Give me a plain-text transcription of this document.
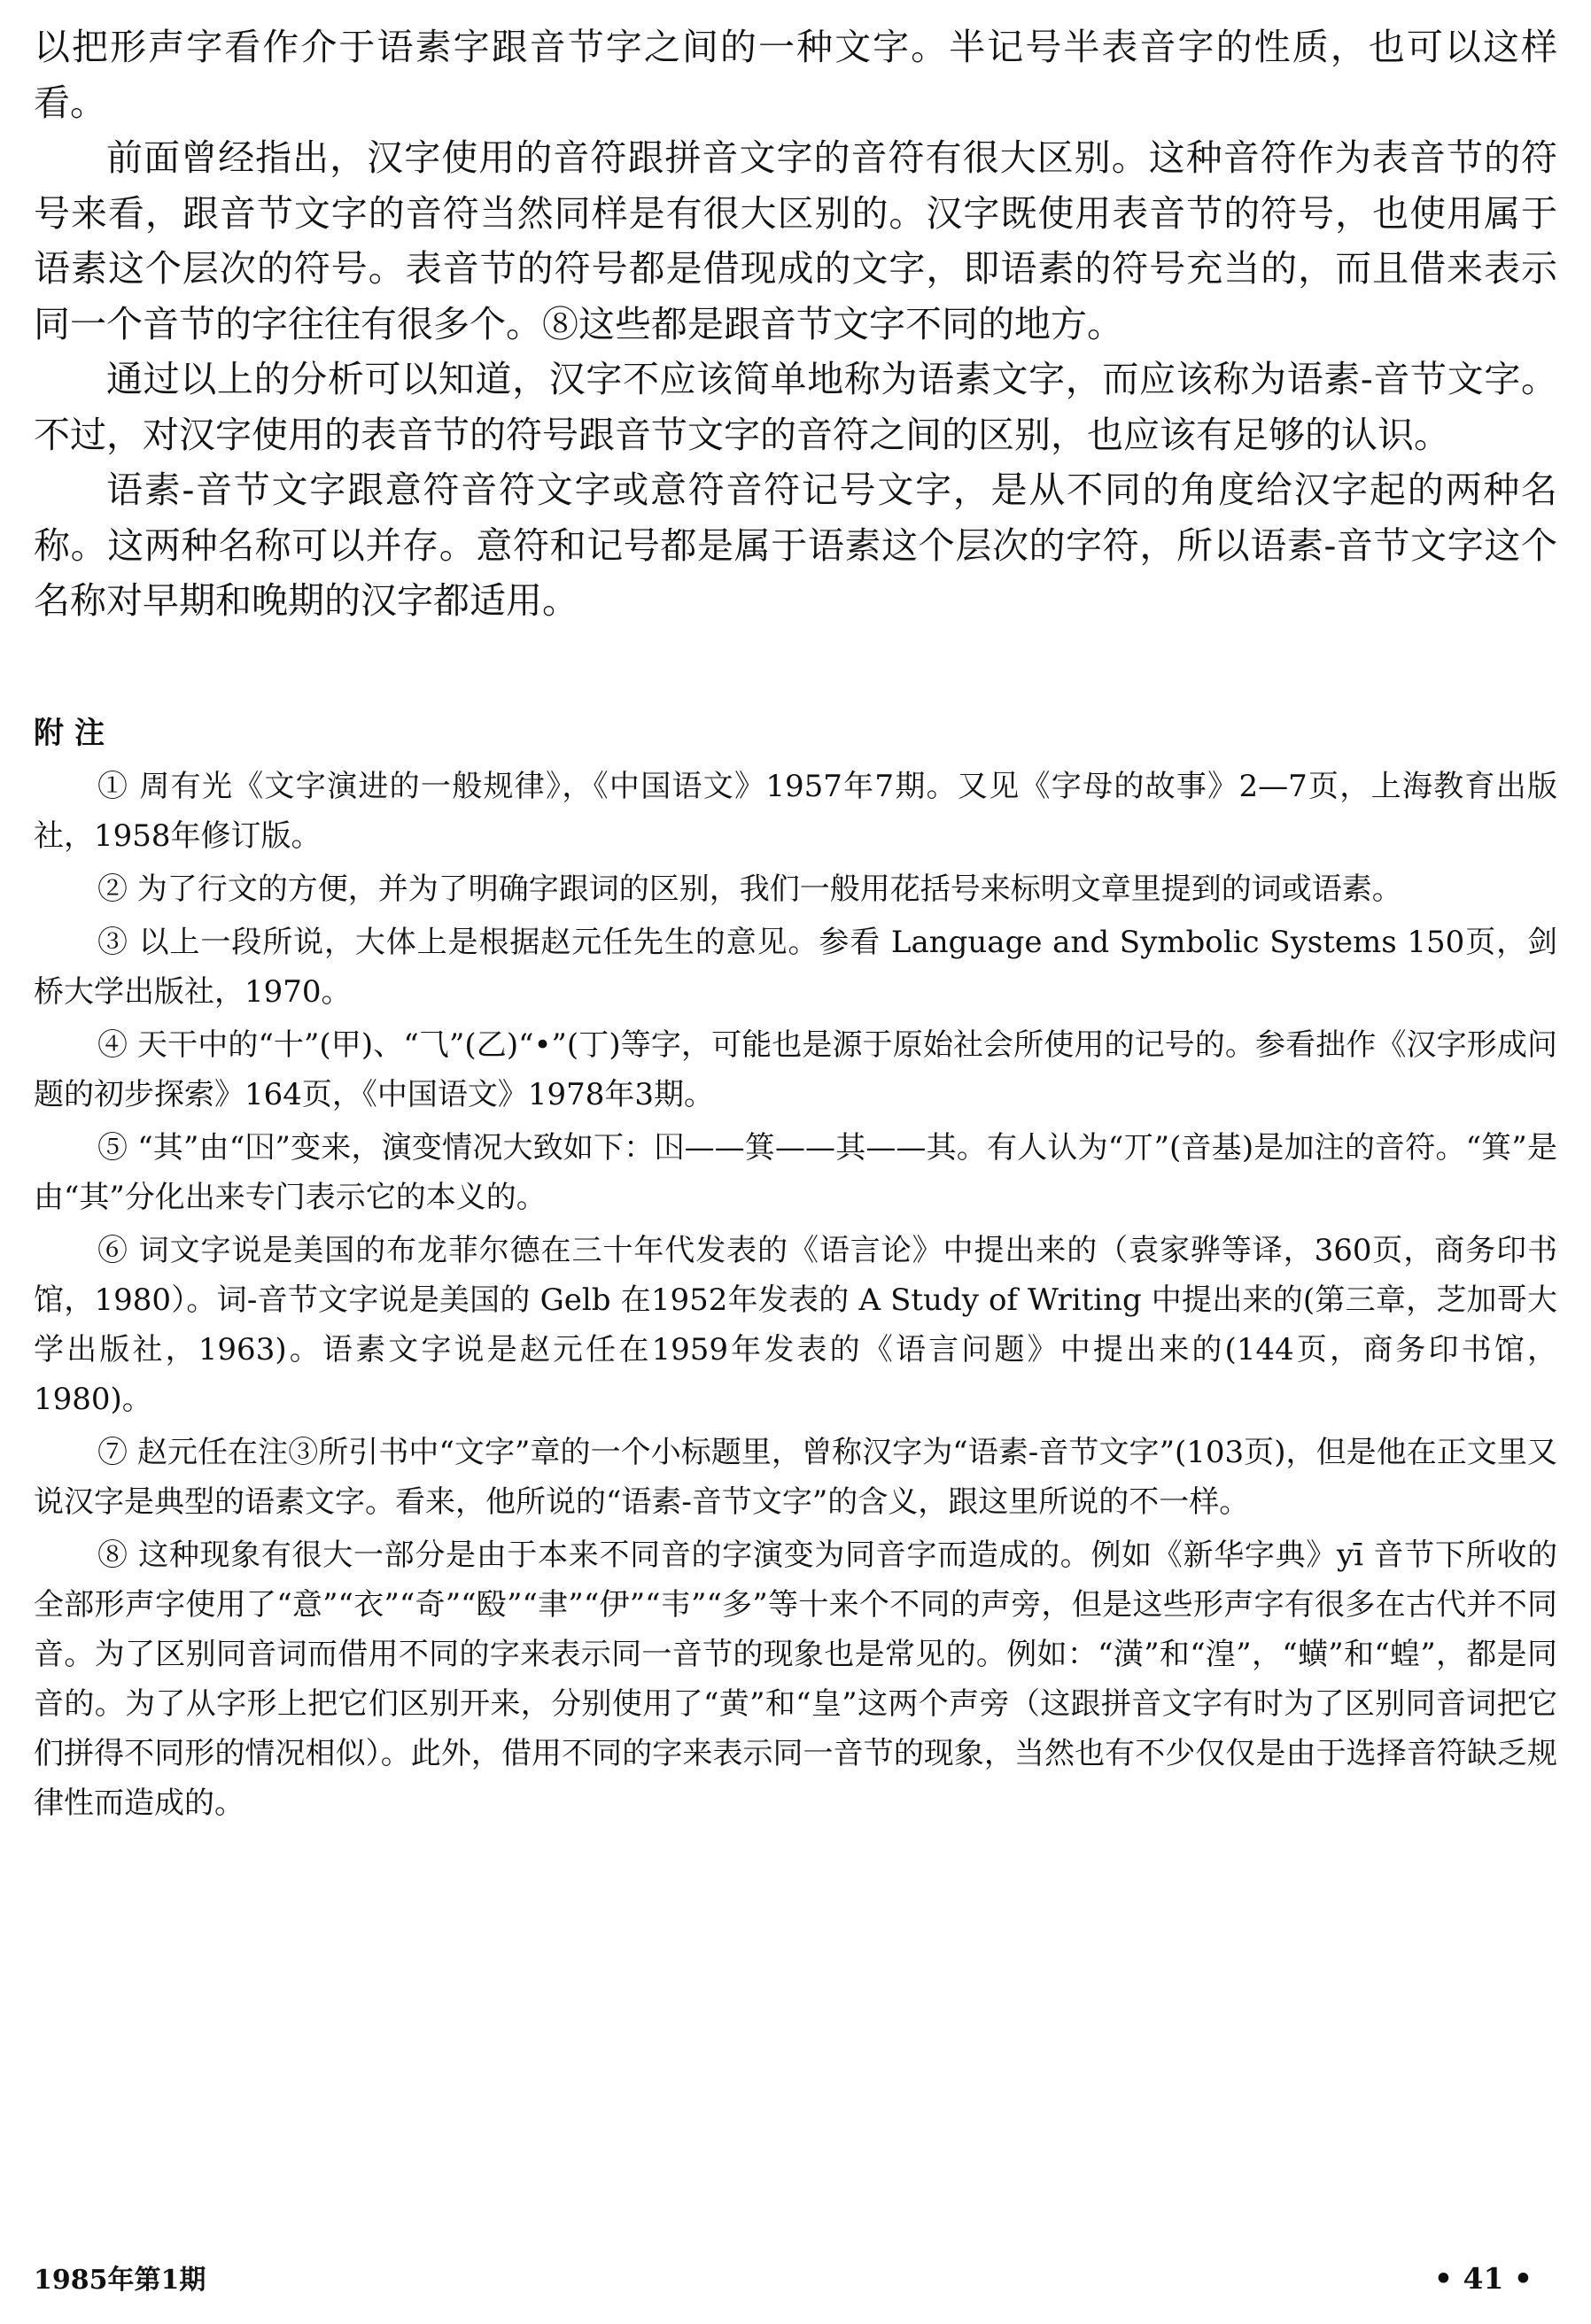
以把形声字看作介于语素字跟音节字之间的一种文字。半记号半表音字的性质，也可以这样看。

前面曾经指出，汉字使用的音符跟拼音文字的音符有很大区别。这种音符作为表音节的符号来看，跟音节文字的音符当然同样是有很大区别的。汉字既使用表音节的符号，也使用属于语素这个层次的符号。表音节的符号都是借现成的文字，即语素的符号充当的，而且借来表示同一个音节的字往往有很多个。⑧这些都是跟音节文字不同的地方。

通过以上的分析可以知道，汉字不应该简单地称为语素文字，而应该称为语素-音节文字。不过，对汉字使用的表音节的符号跟音节文字的音符之间的区别，也应该有足够的认识。

语素-音节文字跟意符音符文字或意符音符记号文字，是从不同的角度给汉字起的两种名称。这两种名称可以并存。意符和记号都是属于语素这个层次的字符，所以语素-音节文字这个名称对早期和晚期的汉字都适用。

附注

① 周有光《文字演进的一般规律》，《中国语文》1957年7期。又见《字母的故事》2—7页，上海教育出版社，1958年修订版。

② 为了行文的方便，并为了明确字跟词的区别，我们一般用花括号来标明文章里提到的词或语素。

③ 以上一段所说，大体上是根据赵元任先生的意见。参看 Language and Symbolic Systems 150页，剑桥大学出版社，1970。

④ 天干中的“十”(甲)、“⺄”(乙)“•”(丁)等字，可能也是源于原始社会所使用的记号的。参看拙作《汉字形成问题的初步探索》164页，《中国语文》1978年3期。

⑤ “其”由“𡆥”变来，演变情况大致如下：𡆥——箕——其——其。有人认为“丌”(音基)是加注的音符。“箕”是由“其”分化出来专门表示它的本义的。

⑥ 词文字说是美国的布龙菲尔德在三十年代发表的《语言论》中提出来的（袁家骅等译，360页，商务印书馆，1980）。词-音节文字说是美国的 Gelb 在1952年发表的 A Study of Writing 中提出来的(第三章，芝加哥大学出版社，1963)。语素文字说是赵元任在1959年发表的《语言问题》中提出来的(144页，商务印书馆，1980)。

⑦ 赵元任在注③所引书中“文字”章的一个小标题里，曾称汉字为“语素-音节文字”(103页)，但是他在正文里又说汉字是典型的语素文字。看来，他所说的“语素-音节文字”的含义，跟这里所说的不一样。

⑧ 这种现象有很大一部分是由于本来不同音的字演变为同音字而造成的。例如《新华字典》yī 音节下所收的全部形声字使用了“意”“衣”“奇”“殹”“聿”“伊”“韦”“多”等十来个不同的声旁，但是这些形声字有很多在古代并不同音。为了区别同音词而借用不同的字来表示同一音节的现象也是常见的。例如：“潢”和“湟”，“蟥”和“蝗”，都是同音的。为了从字形上把它们区别开来，分别使用了“黄”和“皇”这两个声旁（这跟拼音文字有时为了区别同音词把它们拼得不同形的情况相似）。此外，借用不同的字来表示同一音节的现象，当然也有不少仅仅是由于选择音符缺乏规律性而造成的。

1985年第1期	• 41 •
